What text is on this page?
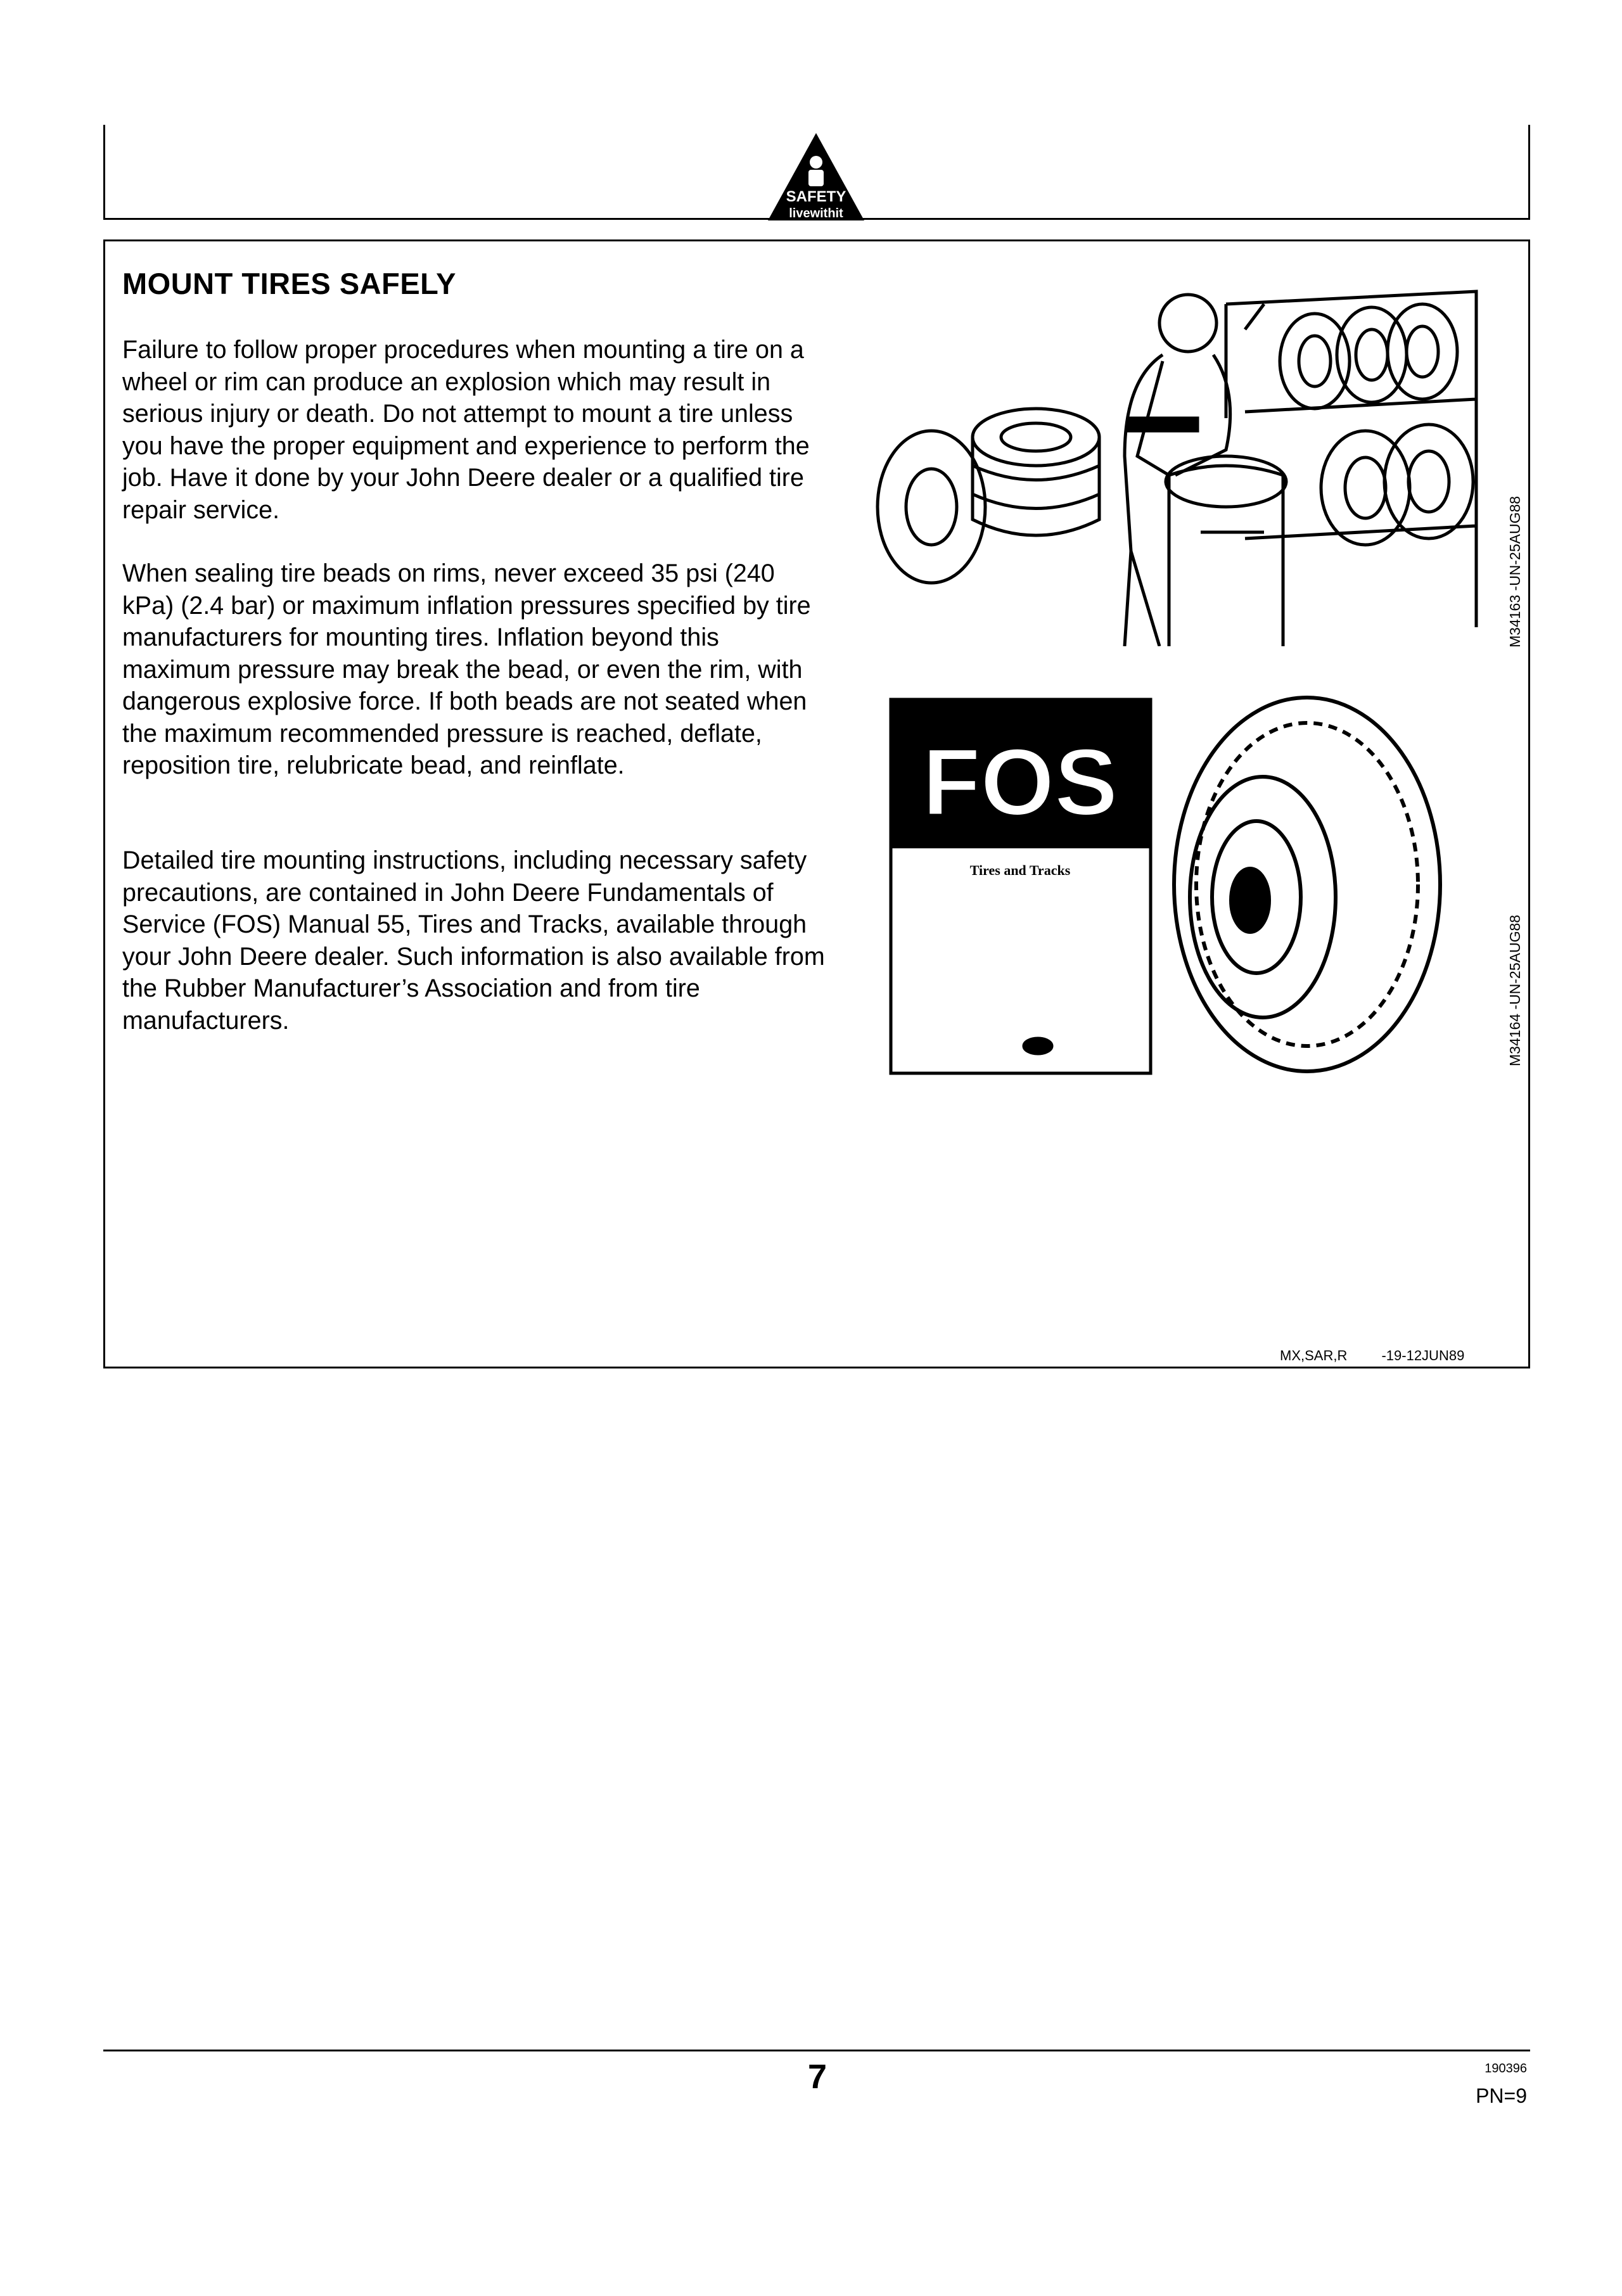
SAFETY
livewithit
MOUNT TIRES SAFELY
Failure to follow proper procedures when mounting a tire on a wheel or rim can produce an explosion which may result in serious injury or death. Do not attempt to mount a tire unless you have the proper equipment and experience to perform the job. Have it done by your John Deere dealer or a qualified tire repair service.
When sealing tire beads on rims, never exceed 35 psi (240 kPa) (2.4 bar) or maximum inflation pressures specified by tire manufacturers for mounting tires. Inflation beyond this maximum pressure may break the bead, or even the rim, with dangerous explosive force. If both beads are not seated when the maximum recommended pressure is reached, deflate, reposition tire, relubricate bead, and reinflate.
Detailed tire mounting instructions, including necessary safety precautions, are contained in John Deere Fundamentals of Service (FOS) Manual 55, Tires and Tracks, available through your John Deere dealer. Such information is also available from the Rubber Manufacturer’s Association and from tire manufacturers.
M34163 -UN-25AUG88
FOS
Tires and Tracks
M34164 -UN-25AUG88
MX,SAR,R -19-12JUN89
7	190396
PN=9
